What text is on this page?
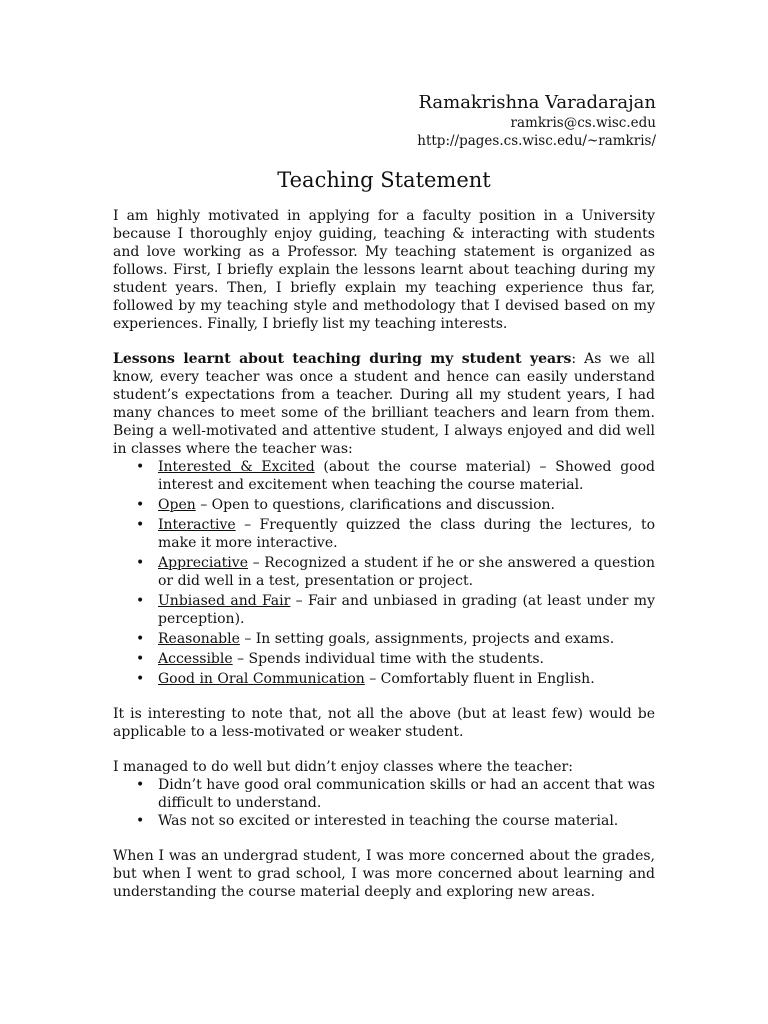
Ramakrishna Varadarajan
ramkris@cs.wisc.edu
http://pages.cs.wisc.edu/~ramkris/
Teaching Statement

I am highly motivated in applying for a faculty position in a University because I thoroughly enjoy guiding, teaching & interacting with students and love working as a Professor. My teaching statement is organized as follows. First, I briefly explain the lessons learnt about teaching during my student years. Then, I briefly explain my teaching experience thus far, followed by my teaching style and methodology that I devised based on my experiences. Finally, I briefly list my teaching interests.

Lessons learnt about teaching during my student years: As we all know, every teacher was once a student and hence can easily understand student’s expectations from a teacher. During all my student years, I had many chances to meet some of the brilliant teachers and learn from them. Being a well-motivated and attentive student, I always enjoyed and did well in classes where the teacher was:

• Interested & Excited (about the course material) – Showed good interest and excitement when teaching the course material.
• Open – Open to questions, clarifications and discussion.
• Interactive – Frequently quizzed the class during the lectures, to make it more interactive.
• Appreciative – Recognized a student if he or she answered a question or did well in a test, presentation or project.
• Unbiased and Fair – Fair and unbiased in grading (at least under my perception).
• Reasonable – In setting goals, assignments, projects and exams.
• Accessible – Spends individual time with the students.
• Good in Oral Communication – Comfortably fluent in English.

It is interesting to note that, not all the above (but at least few) would be applicable to a less-motivated or weaker student.

I managed to do well but didn’t enjoy classes where the teacher:

• Didn’t have good oral communication skills or had an accent that was difficult to understand.
• Was not so excited or interested in teaching the course material.

When I was an undergrad student, I was more concerned about the grades, but when I went to grad school, I was more concerned about learning and understanding the course material deeply and exploring new areas.
